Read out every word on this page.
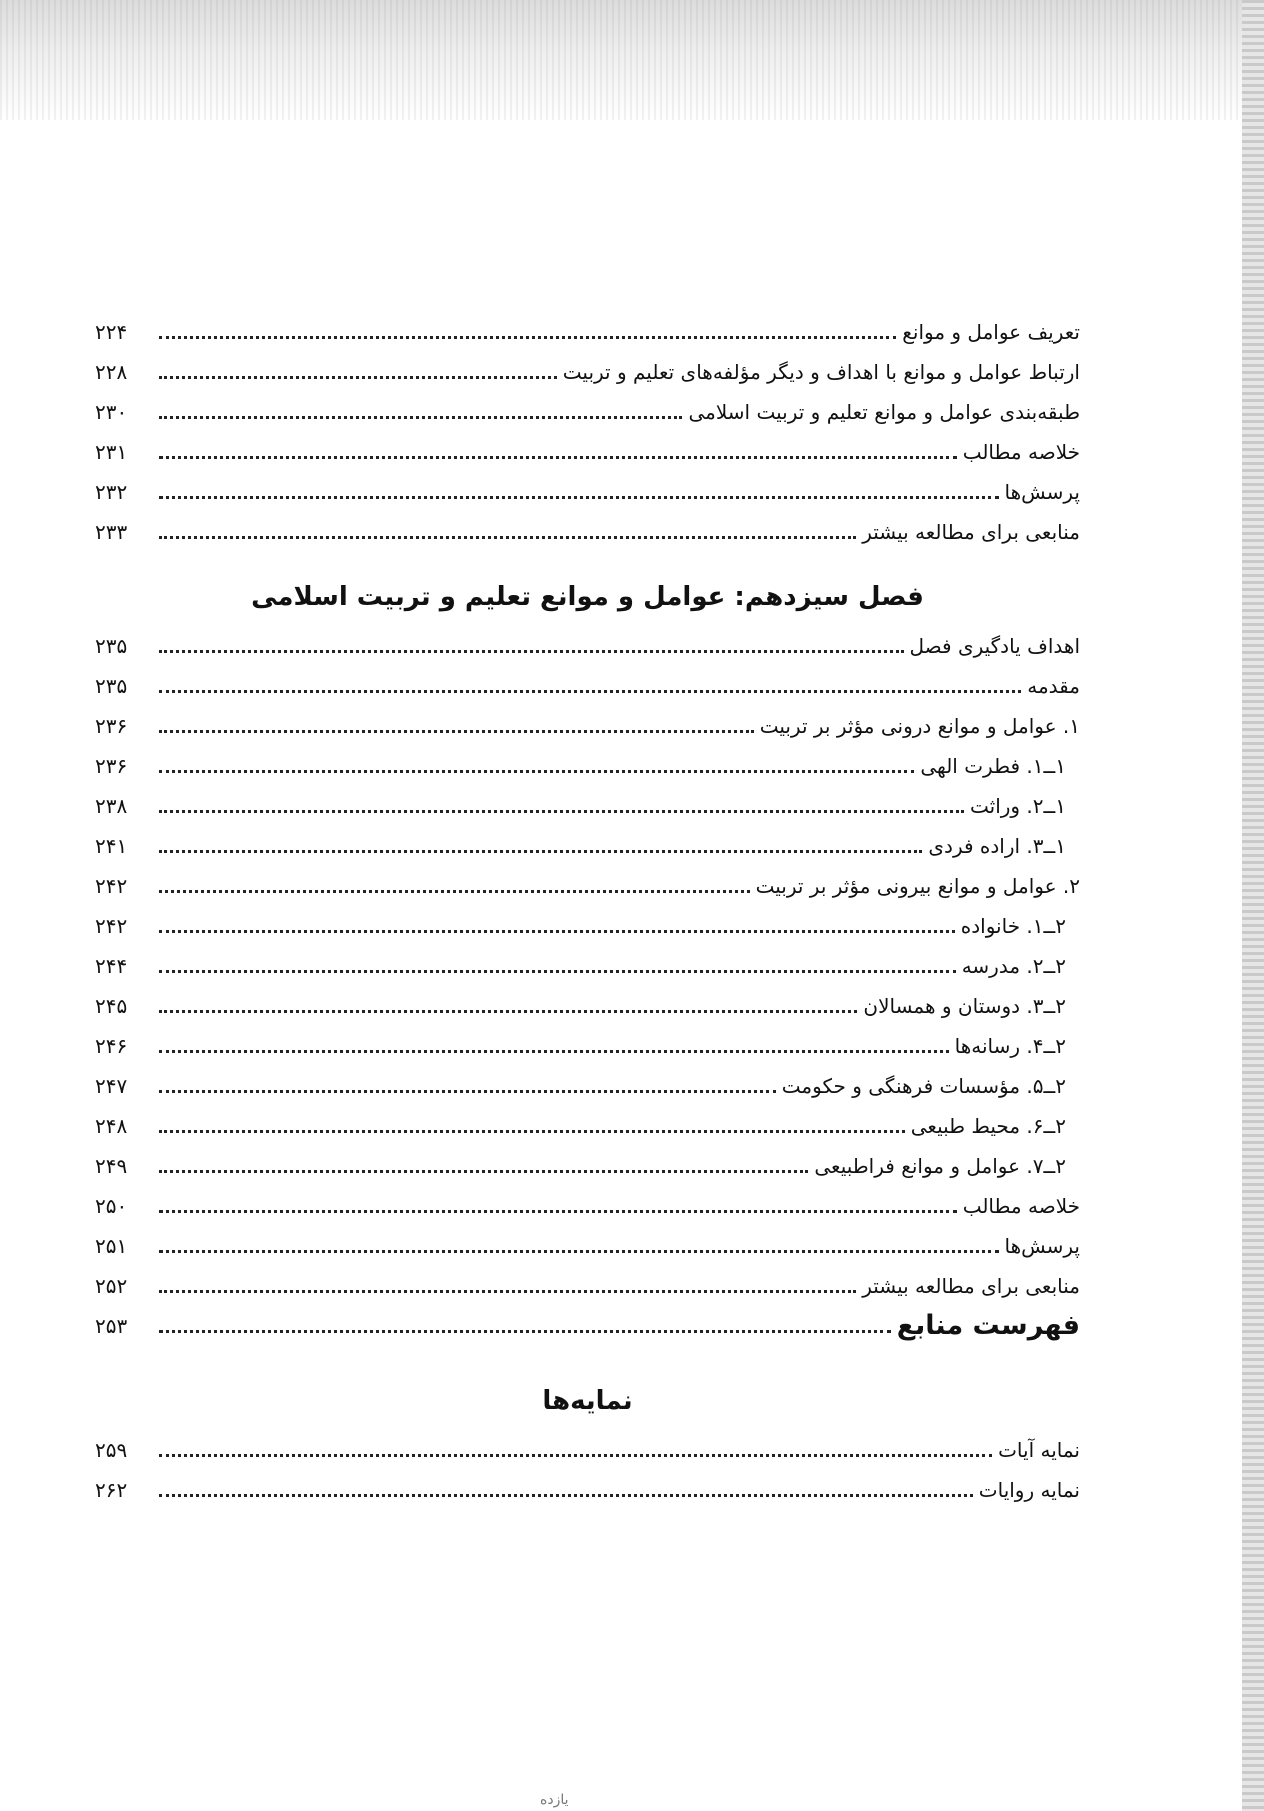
تعریف عوامل و موانع
۲۲۴
ارتباط عوامل و موانع با اهداف و دیگر مؤلفه‌های تعلیم و تربیت
۲۲۸
طبقه‌بندی عوامل و موانع تعلیم و تربیت اسلامی
۲۳۰
خلاصه مطالب
۲۳۱
پرسش‌ها
۲۳۲
منابعی برای مطالعه بیشتر
۲۳۳
فصل سیزدهم: عوامل و موانع تعلیم و تربیت اسلامی
اهداف یادگیری فصل
۲۳۵
مقدمه
۲۳۵
۱. عوامل و موانع درونی مؤثر بر تربیت
۲۳۶
۱ــ۱. فطرت الهی
۲۳۶
۱ــ۲. وراثت
۲۳۸
۱ــ۳. اراده فردی
۲۴۱
۲. عوامل و موانع بیرونی مؤثر بر تربیت
۲۴۲
۲ــ۱. خانواده
۲۴۲
۲ــ۲. مدرسه
۲۴۴
۲ــ۳. دوستان و همسالان
۲۴۵
۲ــ۴. رسانه‌ها
۲۴۶
۲ــ۵. مؤسسات فرهنگی و حکومت
۲۴۷
۲ــ۶. محیط طبیعی
۲۴۸
۲ــ۷. عوامل و موانع فراطبیعی
۲۴۹
خلاصه مطالب
۲۵۰
پرسش‌ها
۲۵۱
منابعی برای مطالعه بیشتر
۲۵۲
فهرست منابع
۲۵۳
نمایه‌ها
نمایه آیات
۲۵۹
نمایه روایات
۲۶۲
یازده
